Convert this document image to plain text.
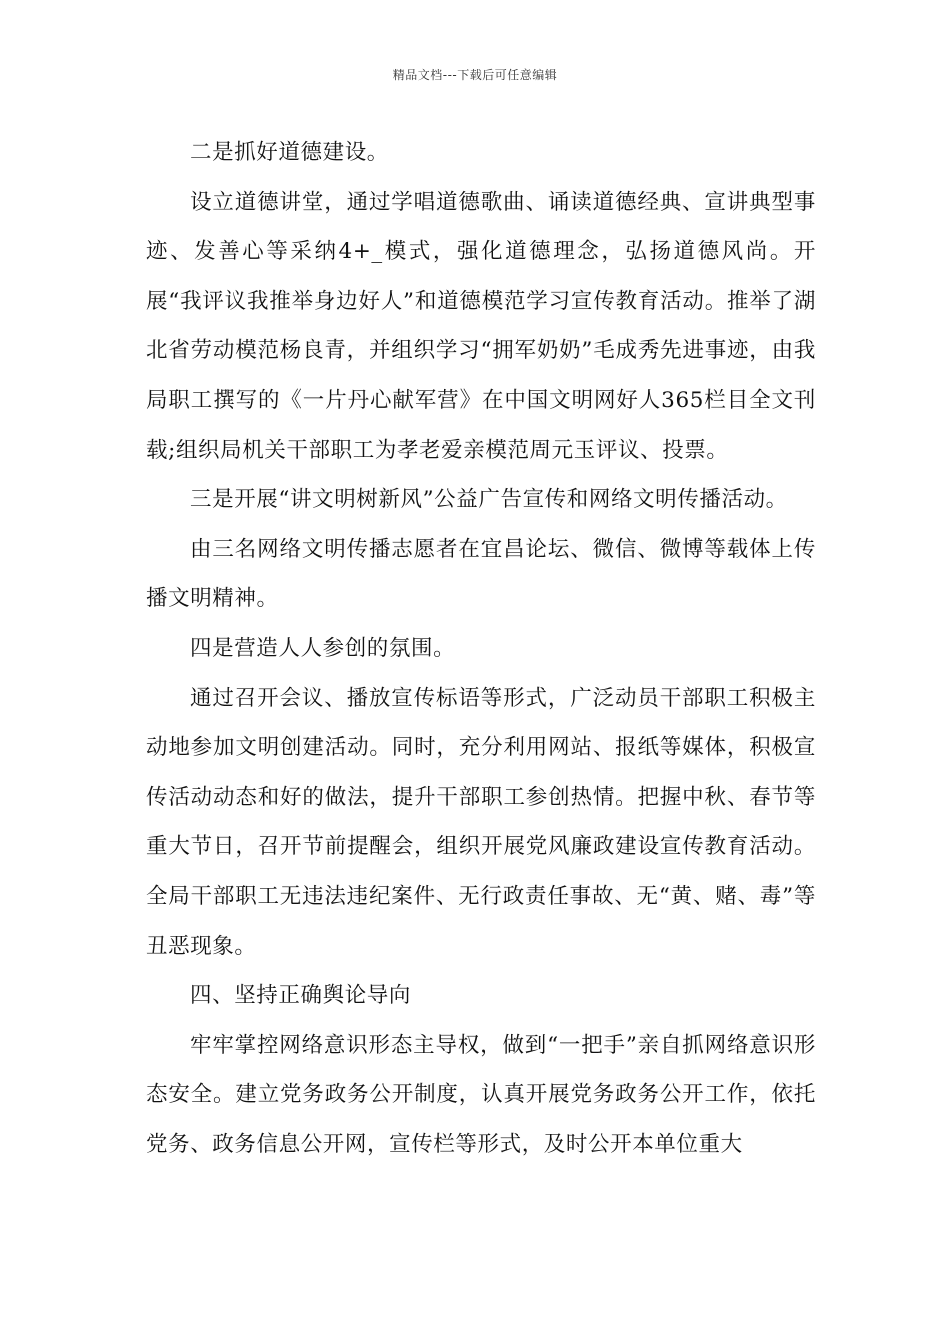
精品文档---下载后可任意编辑

二是抓好道德建设。

设立道德讲堂，通过学唱道德歌曲、诵读道德经典、宣讲典型事迹、发善心等采纳4+_模式，强化道德理念，弘扬道德风尚。开展“我评议我推举身边好人”和道德模范学习宣传教育活动。推举了湖北省劳动模范杨良青，并组织学习“拥军奶奶”毛成秀先进事迹，由我局职工撰写的《一片丹心献军营》在中国文明网好人365栏目全文刊载;组织局机关干部职工为孝老爱亲模范周元玉评议、投票。

三是开展“讲文明树新风”公益广告宣传和网络文明传播活动。

由三名网络文明传播志愿者在宜昌论坛、微信、微博等载体上传播文明精神。

四是营造人人参创的氛围。

通过召开会议、播放宣传标语等形式，广泛动员干部职工积极主动地参加文明创建活动。同时，充分利用网站、报纸等媒体，积极宣传活动动态和好的做法，提升干部职工参创热情。把握中秋、春节等重大节日，召开节前提醒会，组织开展党风廉政建设宣传教育活动。全局干部职工无违法违纪案件、无行政责任事故、无“黄、赌、毒”等丑恶现象。

四、坚持正确舆论导向

牢牢掌控网络意识形态主导权，做到“一把手”亲自抓网络意识形态安全。建立党务政务公开制度，认真开展党务政务公开工作，依托党务、政务信息公开网，宣传栏等形式，及时公开本单位重大
